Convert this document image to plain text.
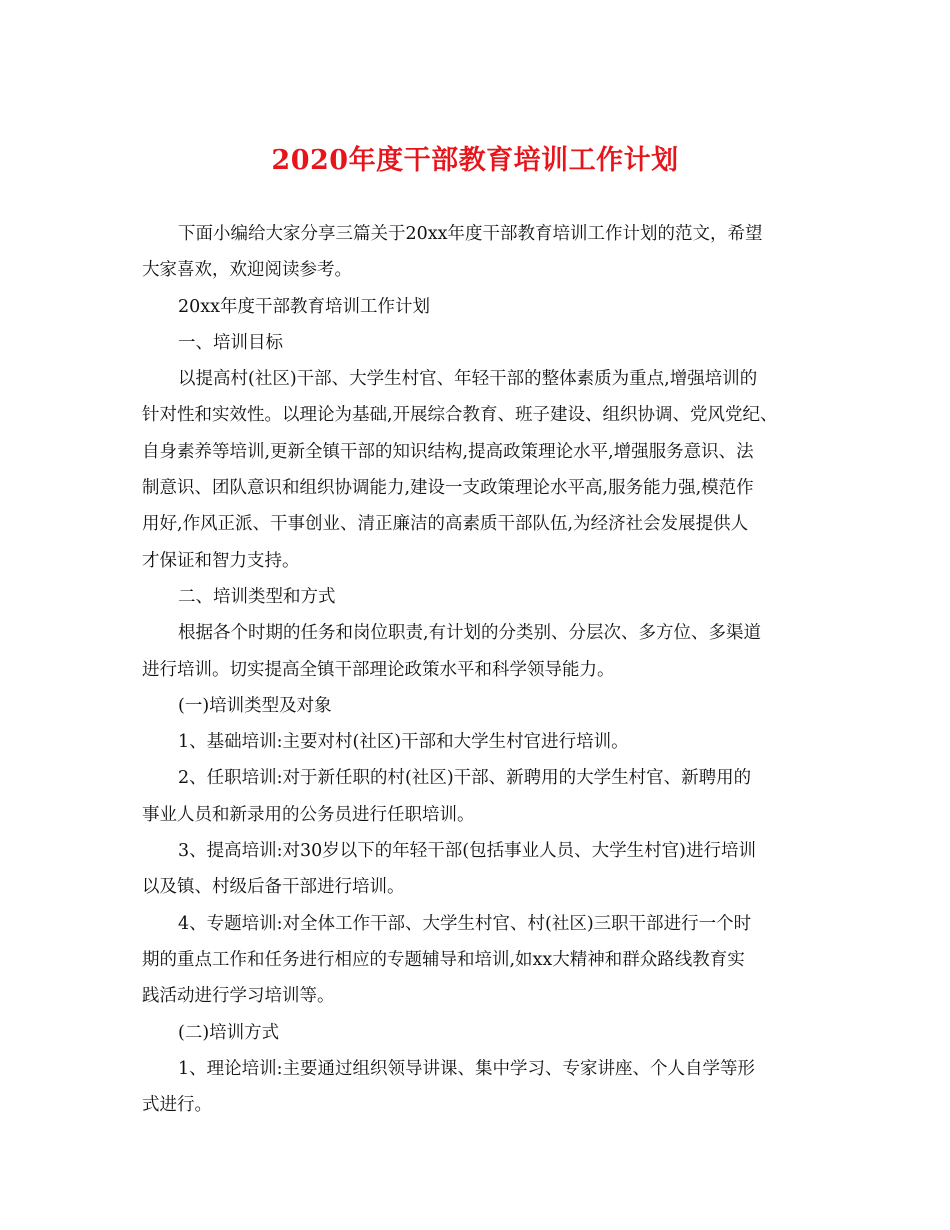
2020年度干部教育培训工作计划
下面小编给大家分享三篇关于20xx年度干部教育培训工作计划的范文，希望
大家喜欢，欢迎阅读参考。
20xx年度干部教育培训工作计划
一、培训目标
以提高村(社区)干部、大学生村官、年轻干部的整体素质为重点,增强培训的
针对性和实效性。以理论为基础,开展综合教育、班子建设、组织协调、党风党纪、
自身素养等培训,更新全镇干部的知识结构,提高政策理论水平,增强服务意识、法
制意识、团队意识和组织协调能力,建设一支政策理论水平高,服务能力强,模范作
用好,作风正派、干事创业、清正廉洁的高素质干部队伍,为经济社会发展提供人
才保证和智力支持。
二、培训类型和方式
根据各个时期的任务和岗位职责,有计划的分类别、分层次、多方位、多渠道
进行培训。切实提高全镇干部理论政策水平和科学领导能力。
(一)培训类型及对象
1、基础培训:主要对村(社区)干部和大学生村官进行培训。
2、任职培训:对于新任职的村(社区)干部、新聘用的大学生村官、新聘用的
事业人员和新录用的公务员进行任职培训。
3、提高培训:对30岁以下的年轻干部(包括事业人员、大学生村官)进行培训
以及镇、村级后备干部进行培训。
4、专题培训:对全体工作干部、大学生村官、村(社区)三职干部进行一个时
期的重点工作和任务进行相应的专题辅导和培训,如xx大精神和群众路线教育实
践活动进行学习培训等。
(二)培训方式
1、理论培训:主要通过组织领导讲课、集中学习、专家讲座、个人自学等形
式进行。
